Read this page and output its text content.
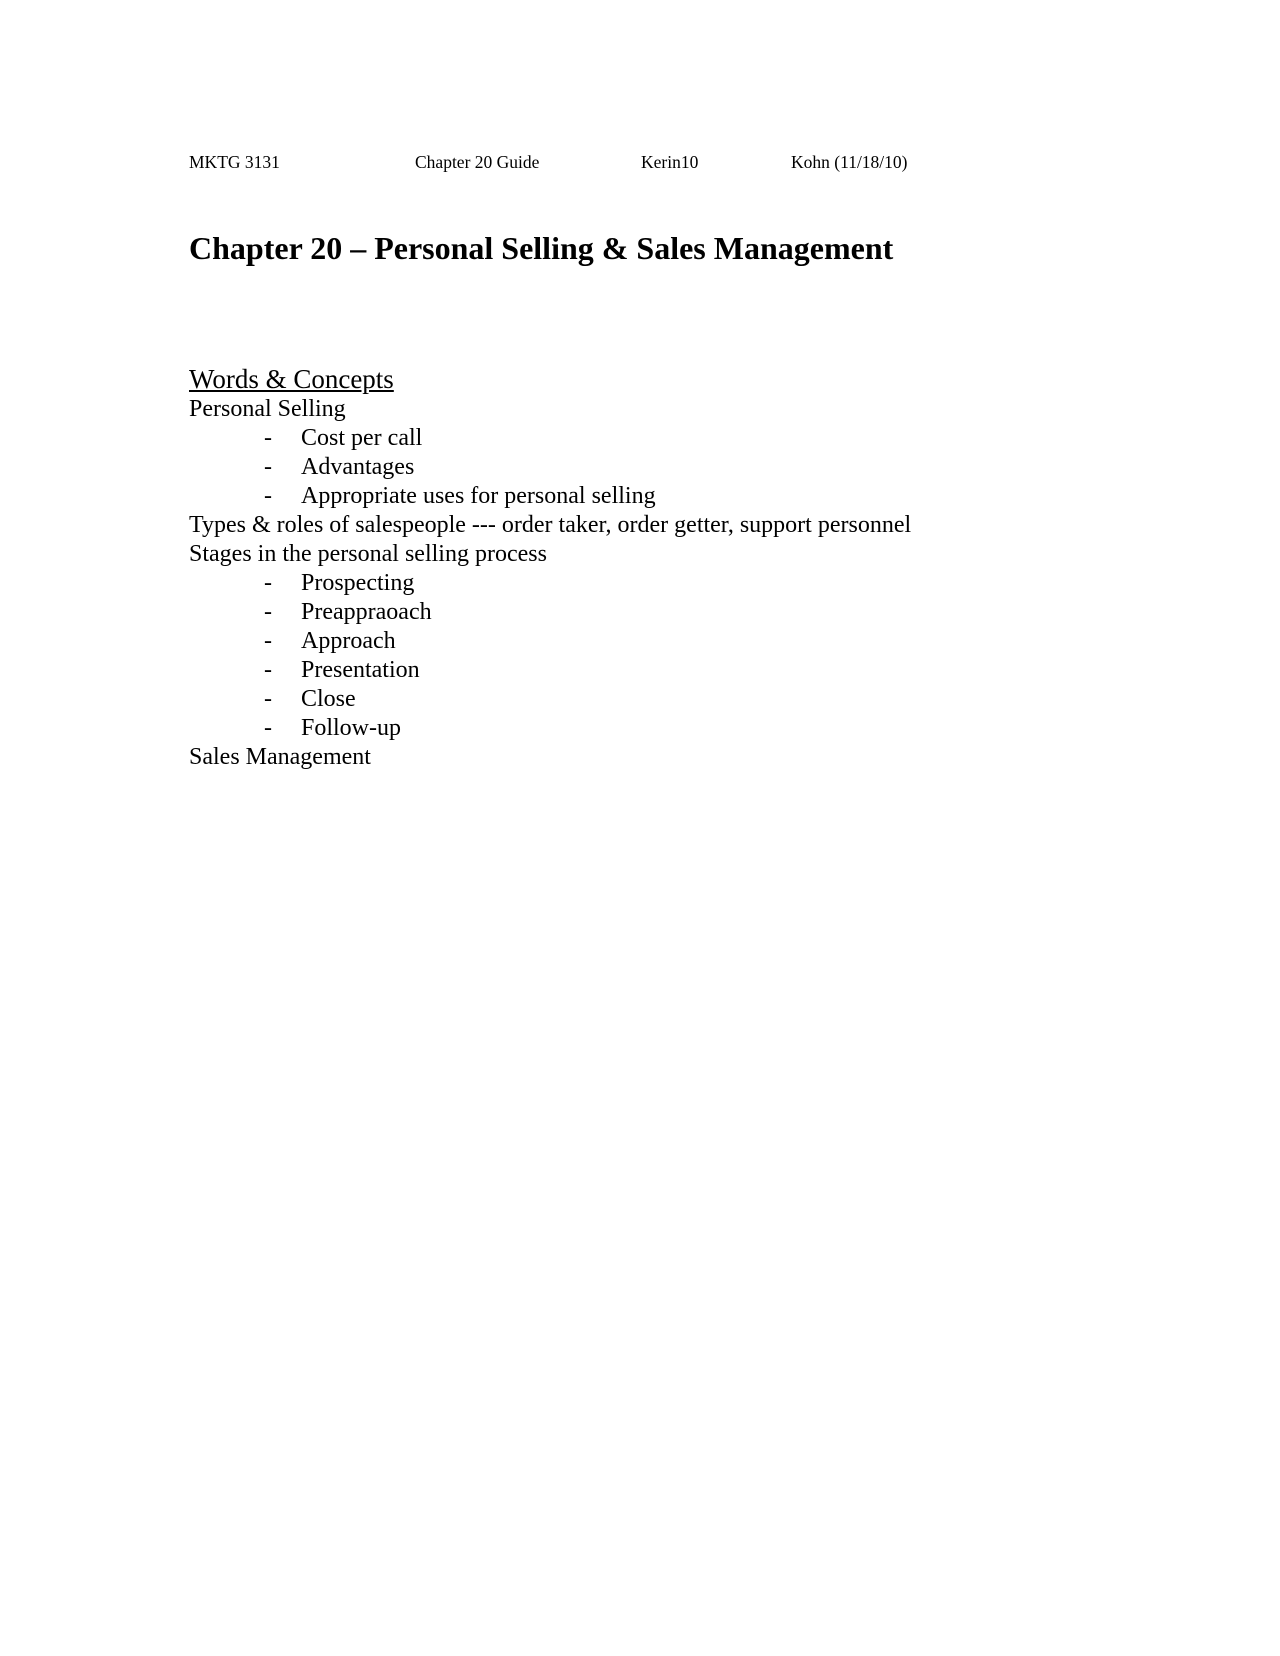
MKTG 3131	Chapter 20 Guide	Kerin10	Kohn (11/18/10)
Chapter 20 – Personal Selling & Sales Management
Words & Concepts
Personal Selling
- Cost per call
- Advantages
- Appropriate uses for personal selling
Types & roles of salespeople --- order taker, order getter, support personnel
Stages in the personal selling process
- Prospecting
- Preappraoach
- Approach
- Presentation
- Close
- Follow-up
Sales Management
